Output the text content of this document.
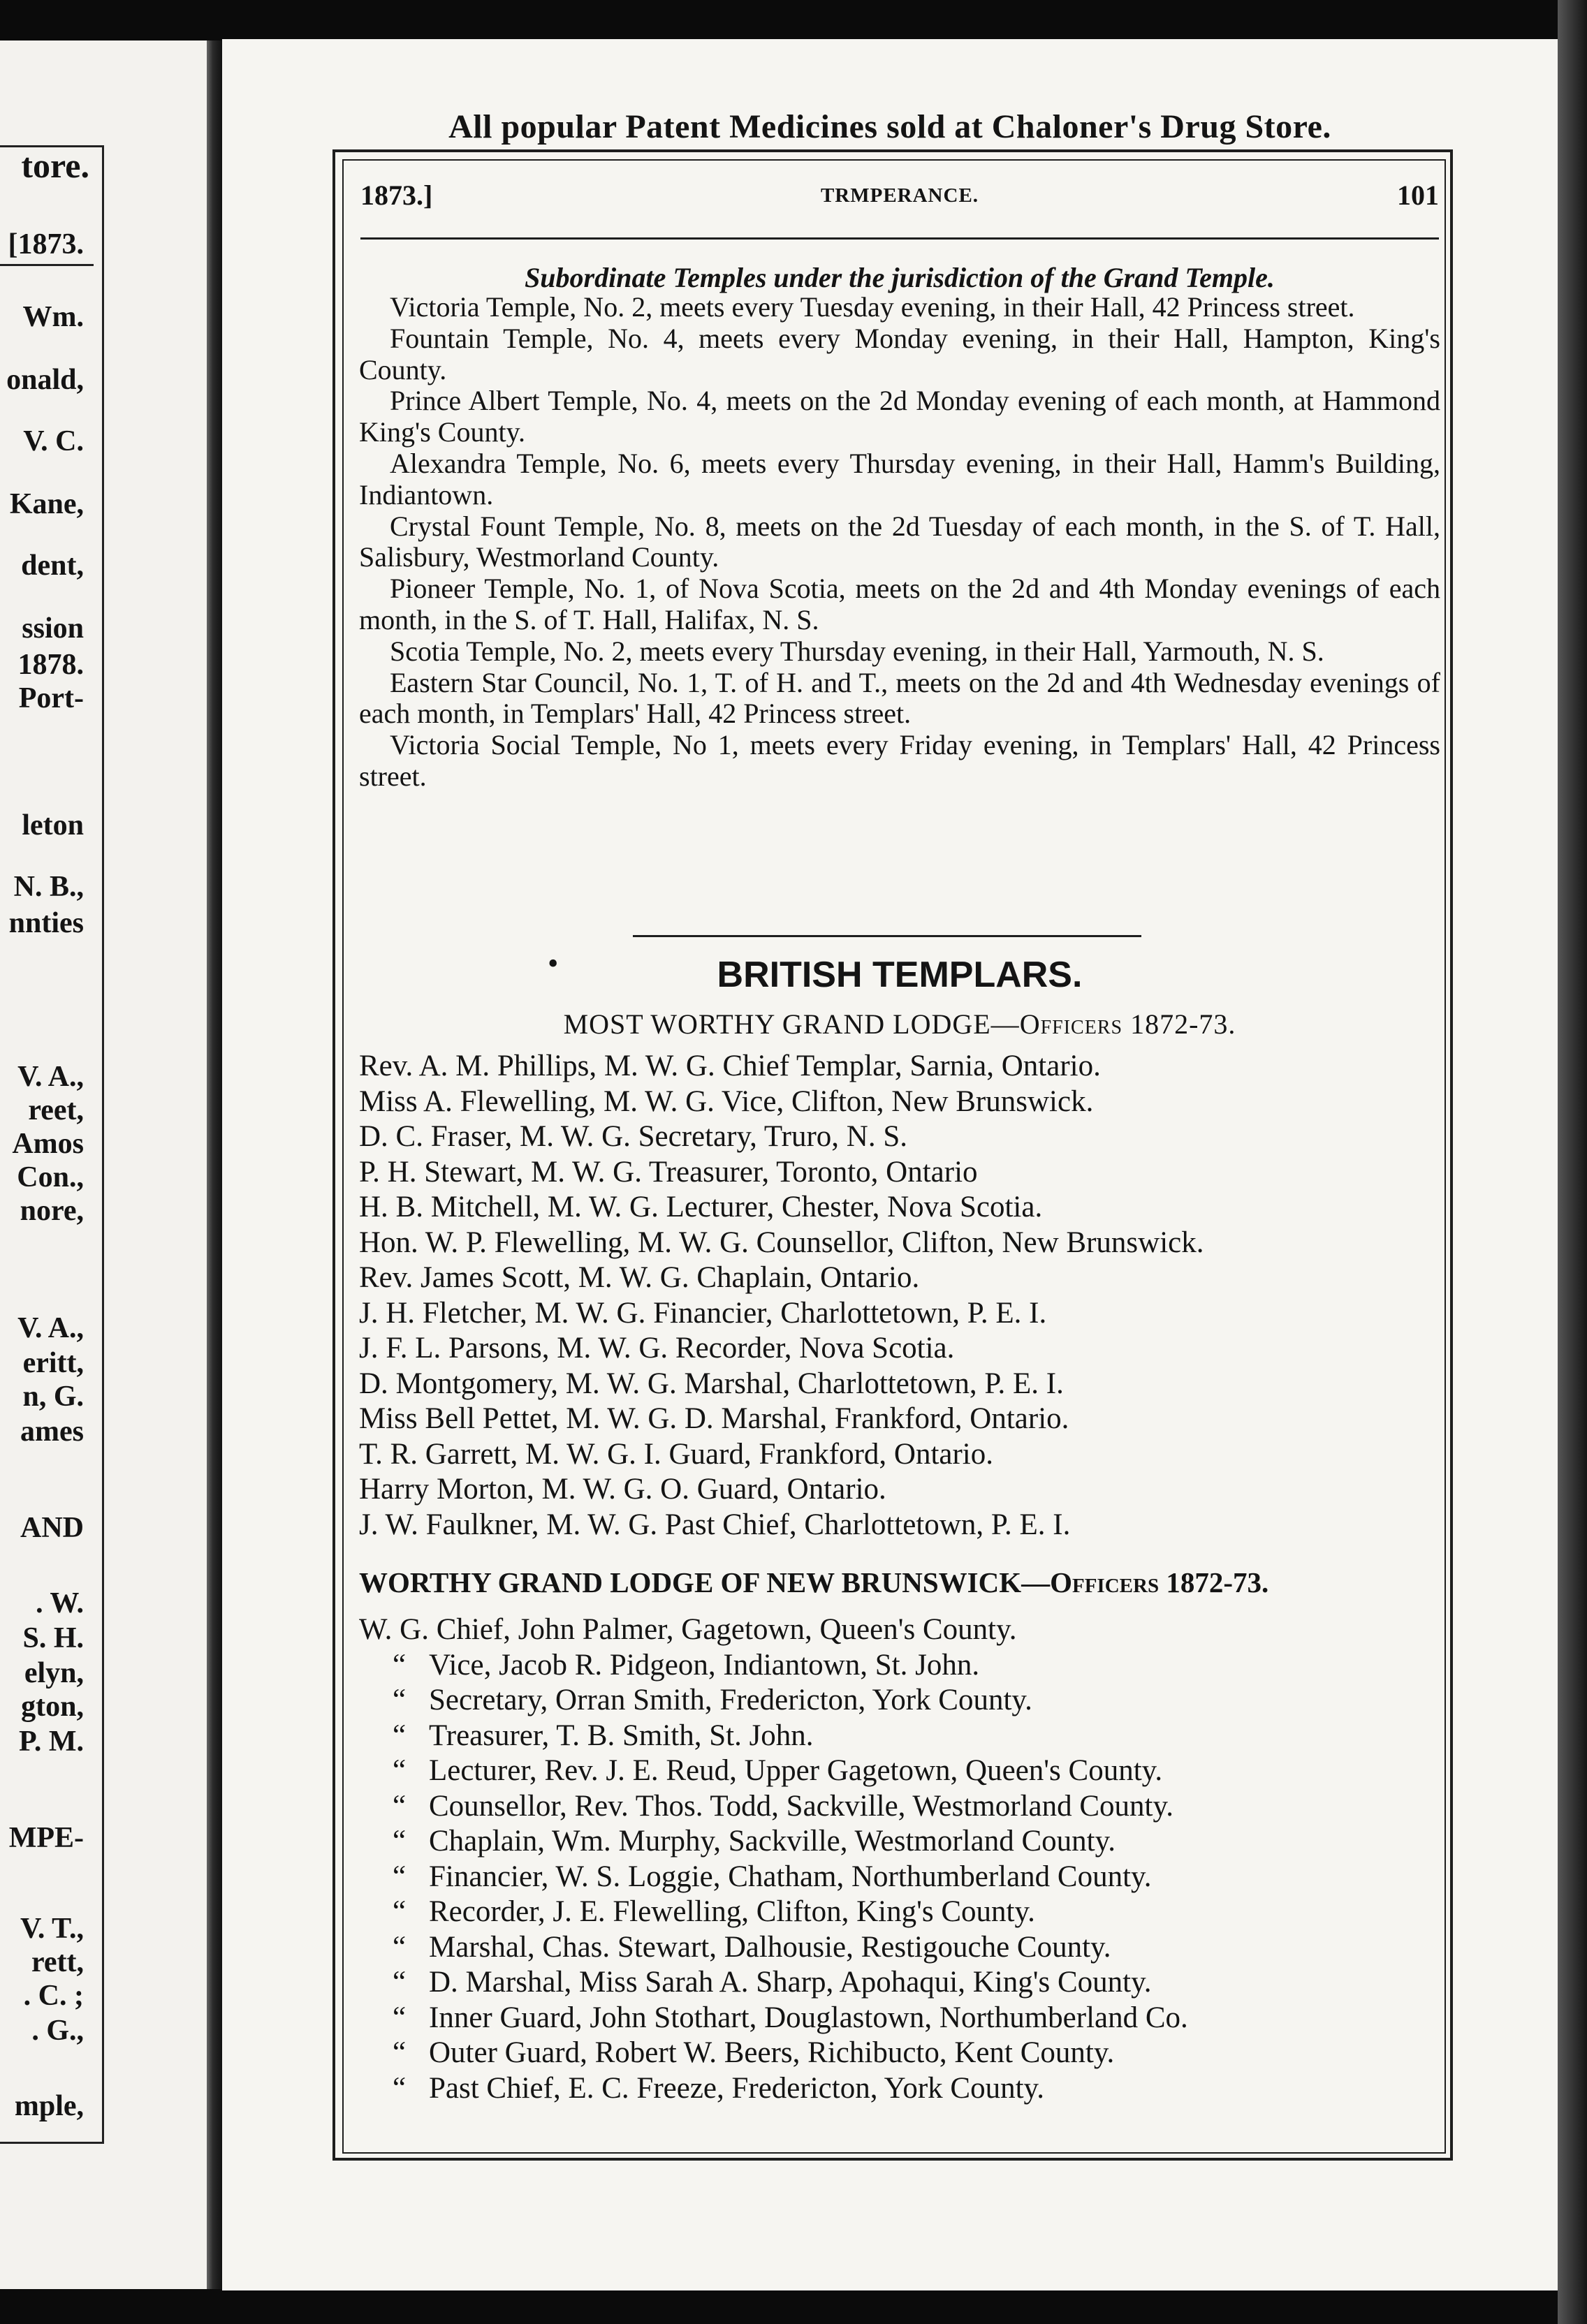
tore.
[1873.
Wm.
onald,
V. C.
Kane,
dent,
ssion
1878.
Port-
leton
N. B.,
nnties
V. A.,
reet,
Amos
Con.,
nore,
V. A.,
eritt,
n, G.
ames
AND
. W.
S. H.
elyn,
gton,
P. M.
MPE-
V. T.,
rett,
. C. ;
. G.,
mple,
All popular Patent Medicines sold at Chaloner's Drug Store.
1873.]	TRMPERANCE.	101
Subordinate Temples under the jurisdiction of the Grand Temple.

Victoria Temple, No. 2, meets every Tuesday evening, in their Hall, 42 Princess street.

Fountain Temple, No. 4, meets every Monday evening, in their Hall, Hampton, King's County.

Prince Albert Temple, No. 4, meets on the 2d Monday evening of each month, at Hammond King's County.

Alexandra Temple, No. 6, meets every Thursday evening, in their Hall, Hamm's Building, Indiantown.

Crystal Fount Temple, No. 8, meets on the 2d Tuesday of each month, in the S. of T. Hall, Salisbury, Westmorland County.

Pioneer Temple, No. 1, of Nova Scotia, meets on the 2d and 4th Monday evenings of each month, in the S. of T. Hall, Halifax, N. S.

Scotia Temple, No. 2, meets every Thursday evening, in their Hall, Yarmouth, N. S.

Eastern Star Council, No. 1, T. of H. and T., meets on the 2d and 4th Wednesday evenings of each month, in Templars' Hall, 42 Princess street.

Victoria Social Temple, No 1, meets every Friday evening, in Templars' Hall, 42 Princess street.

•	BRITISH TEMPLARS.
MOST WORTHY GRAND LODGE—Officers 1872-73.
Rev. A. M. Phillips, M. W. G. Chief Templar, Sarnia, Ontario.
Miss A. Flewelling, M. W. G. Vice, Clifton, New Brunswick.
D. C. Fraser, M. W. G. Secretary, Truro, N. S.
P. H. Stewart, M. W. G. Treasurer, Toronto, Ontario
H. B. Mitchell, M. W. G. Lecturer, Chester, Nova Scotia.
Hon. W. P. Flewelling, M. W. G. Counsellor, Clifton, New Brunswick.
Rev. James Scott, M. W. G. Chaplain, Ontario.
J. H. Fletcher, M. W. G. Financier, Charlottetown, P. E. I.
J. F. L. Parsons, M. W. G. Recorder, Nova Scotia.
D. Montgomery, M. W. G. Marshal, Charlottetown, P. E. I.
Miss Bell Pettet, M. W. G. D. Marshal, Frankford, Ontario.
T. R. Garrett, M. W. G. I. Guard, Frankford, Ontario.
Harry Morton, M. W. G. O. Guard, Ontario.
J. W. Faulkner, M. W. G. Past Chief, Charlottetown, P. E. I.
WORTHY GRAND LODGE OF NEW BRUNSWICK—Officers 1872-73.
W. G. Chief, John Palmer, Gagetown, Queen's County.
“ Vice, Jacob R. Pidgeon, Indiantown, St. John.
“ Secretary, Orran Smith, Fredericton, York County.
“ Treasurer, T. B. Smith, St. John.
“ Lecturer, Rev. J. E. Reud, Upper Gagetown, Queen's County.
“ Counsellor, Rev. Thos. Todd, Sackville, Westmorland County.
“ Chaplain, Wm. Murphy, Sackville, Westmorland County.
“ Financier, W. S. Loggie, Chatham, Northumberland County.
“ Recorder, J. E. Flewelling, Clifton, King's County.
“ Marshal, Chas. Stewart, Dalhousie, Restigouche County.
“ D. Marshal, Miss Sarah A. Sharp, Apohaqui, King's County.
“ Inner Guard, John Stothart, Douglastown, Northumberland Co.
“ Outer Guard, Robert W. Beers, Richibucto, Kent County.
“ Past Chief, E. C. Freeze, Fredericton, York County.
